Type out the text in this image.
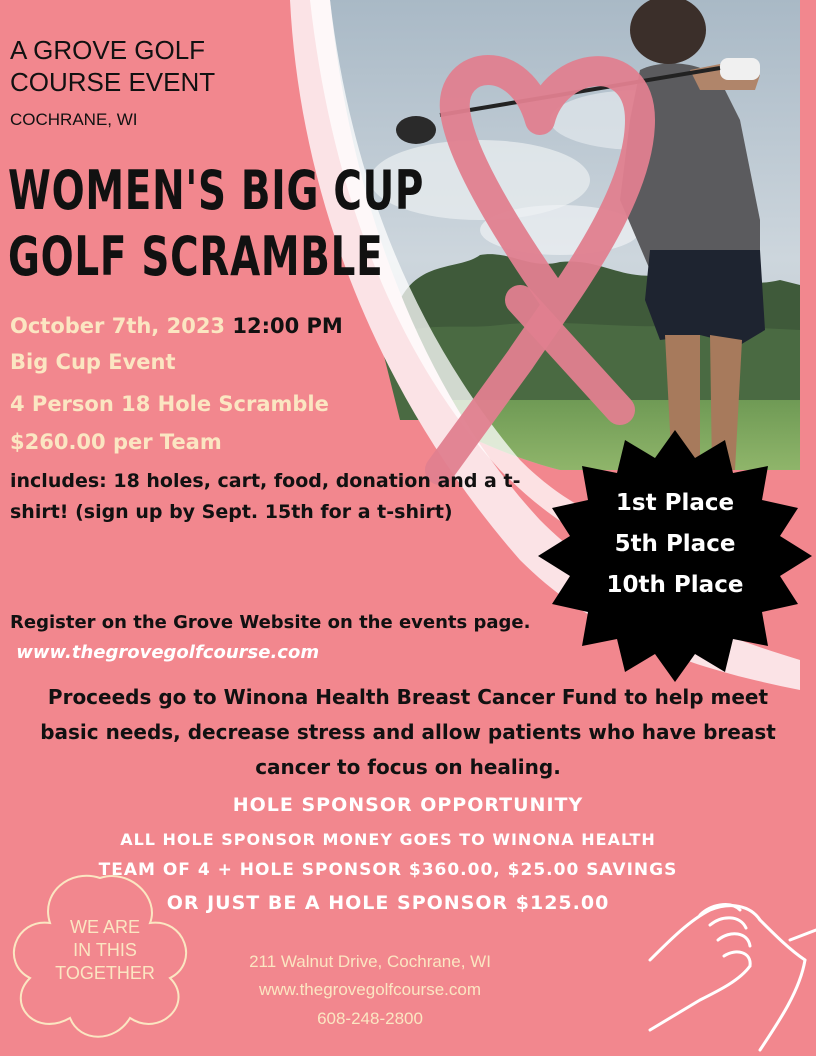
A GROVE GOLF
COURSE EVENT
COCHRANE, WI
WOMEN'S BIG CUP
GOLF SCRAMBLE
October 7th, 2023 12:00 PM
Big Cup Event
4 Person 18 Hole Scramble
$260.00 per Team
includes: 18 holes, cart, food, donation and a t-shirt! (sign up by Sept. 15th for a t-shirt)
Register on the Grove Website on the events page.  www.thegrovegolfcourse.com
1st Place
5th Place
10th Place
Proceeds go to Winona Health Breast Cancer Fund to help meet basic needs, decrease stress and allow patients who have breast cancer to focus on healing.
HOLE SPONSOR OPPORTUNITY
ALL HOLE SPONSOR MONEY GOES TO WINONA HEALTH
TEAM OF 4 + HOLE SPONSOR $360.00, $25.00 SAVINGS
OR JUST BE A HOLE SPONSOR $125.00
WE ARE
IN THIS
TOGETHER
211 Walnut Drive, Cochrane, WI
www.thegrovegolfcourse.com
608-248-2800
